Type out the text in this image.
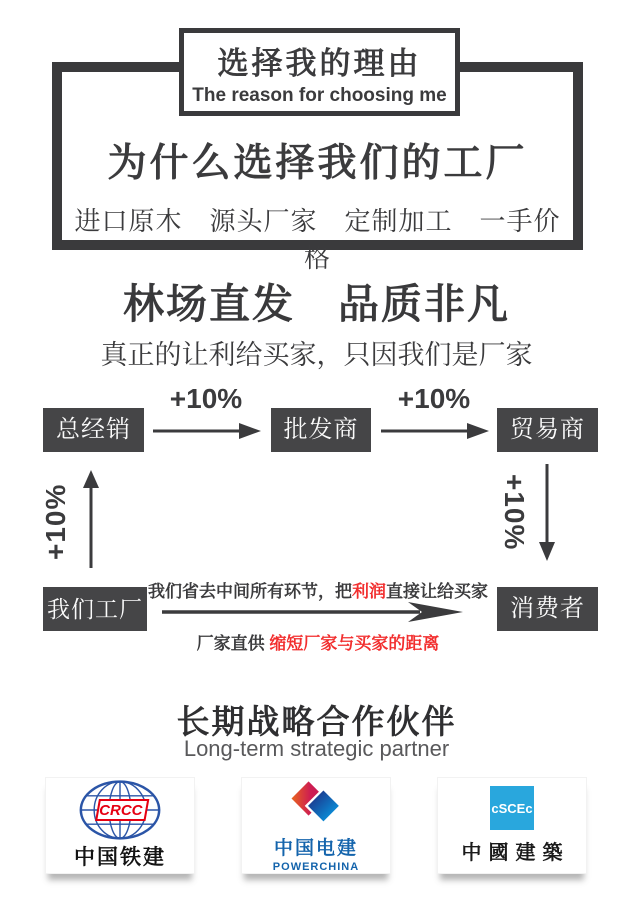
为什么选择我们的工厂
进口原木　源头厂家　定制加工　一手价格
选择我的理由
The reason for choosing me
林场直发　品质非凡
真正的让利给买家，只因我们是厂家
总经销	批发商	贸易商
+10%	+10%
+10%	+10%
我们工厂	消费者
我们省去中间所有环节，把利润直接让给买家
厂家直供 缩短厂家与买家的距离
长期战略合作伙伴
Long-term strategic partner
CRCC
中国铁建	中国电建
POWERCHINA
cSCEc
中國建築
